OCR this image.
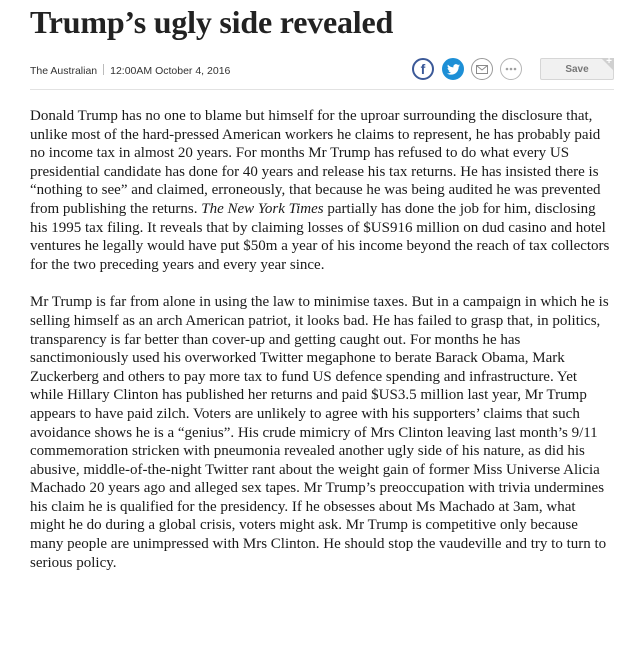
Trump’s ugly side revealed
The Australian 12:00AM October 4, 2016	f	Save
+

Donald Trump has no one to blame but himself for the uproar surrounding the disclosure that, unlike most of the hard-pressed American workers he claims to represent, he has probably paid no income tax in almost 20 years. For months Mr Trump has refused to do what every US presidential candidate has done for 40 years and release his tax returns. He has insisted there is “nothing to see” and claimed, erroneously, that because he was being audited he was prevented from publishing the returns. The New York Times partially has done the job for him, disclosing his 1995 tax filing. It reveals that by claiming losses of $US916 million on dud casino and hotel ventures he legally would have put $50m a year of his income beyond the reach of tax collectors for the two preceding years and every year since.

Mr Trump is far from alone in using the law to minimise taxes. But in a campaign in which he is selling himself as an arch American patriot, it looks bad. He has failed to grasp that, in politics, transparency is far better than cover-up and getting caught out. For months he has sanctimoniously used his overworked Twitter megaphone to berate Barack Obama, Mark Zuckerberg and others to pay more tax to fund US defence spending and infrastructure. Yet while Hillary Clinton has published her returns and paid $US3.5 million last year, Mr Trump appears to have paid zilch. Voters are unlikely to agree with his supporters’ claims that such avoidance shows he is a “genius”. His crude mimicry of Mrs Clinton leaving last month’s 9/11 commemoration stricken with pneumonia revealed another ugly side of his nature, as did his abusive, middle-of-the-night Twitter rant about the weight gain of former Miss Universe Alicia Machado 20 years ago and alleged sex tapes. Mr Trump’s preoccupation with trivia undermines his claim he is qualified for the presidency. If he obsesses about Ms Machado at 3am, what might he do during a global crisis, voters might ask. Mr Trump is competitive only because many people are unimpressed with Mrs Clinton. He should stop the vaudeville and try to turn to serious policy.
